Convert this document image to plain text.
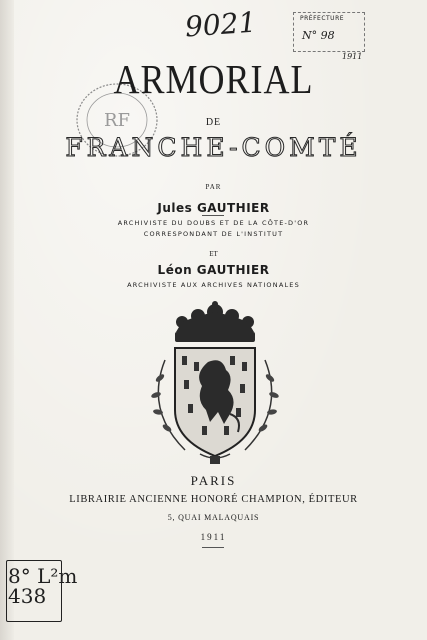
9021	PRÉFECTURE
N° 98
1911
RF
ARMORIAL
DE
FRANCHE-COMTÉ
PAR
Jules GAUTHIER
ARCHIVISTE DU DOUBS ET DE LA CÔTE-D'OR
CORRESPONDANT DE L'INSTITUT
ET
Léon GAUTHIER
ARCHIVISTE AUX ARCHIVES NATIONALES
PARIS
LIBRAIRIE ANCIENNE HONORÉ CHAMPION, ÉDITEUR
5, QUAI MALAQUAIS
1911
8° L²m
438
